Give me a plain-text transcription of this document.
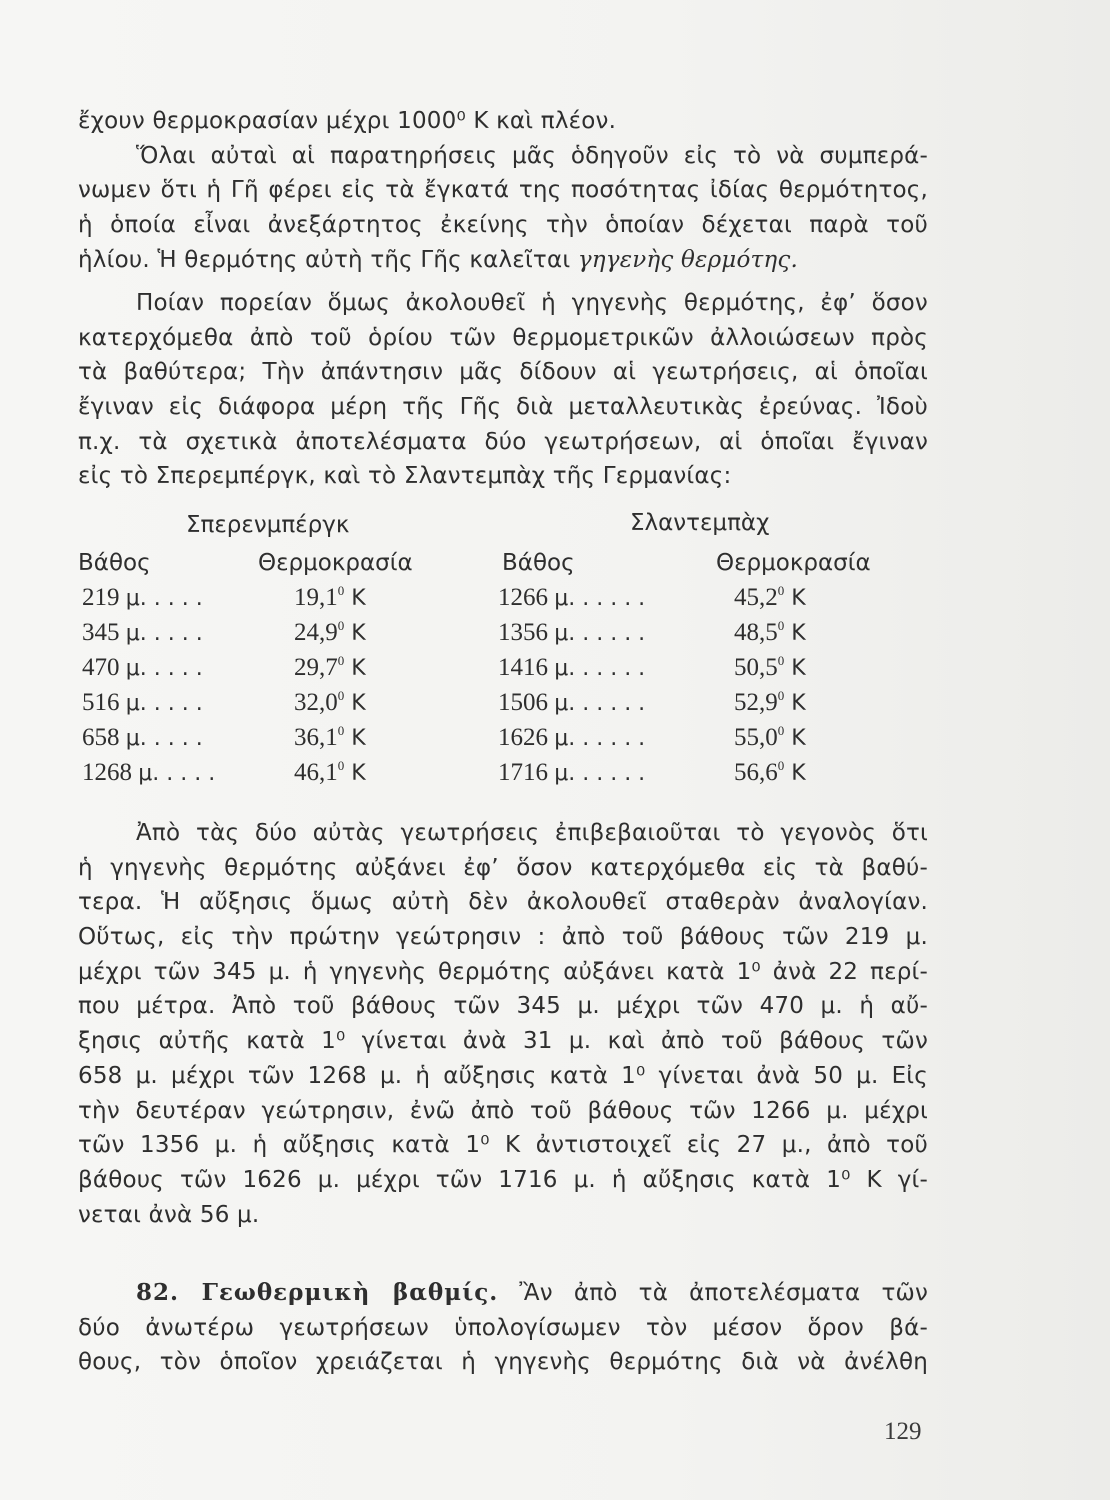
ἔχουν θερμοκρασίαν μέχρι 1000⁰ Κ καὶ πλέον.
Ὅλαι αὐταὶ αἱ παρατηρήσεις μᾶς ὁδηγοῦν εἰς τὸ νὰ συμπερά-
νωμεν ὅτι ἡ Γῆ φέρει εἰς τὰ ἔγκατά της ποσότητας ἰδίας θερμότητος,
ἡ ὁποία εἶναι ἀνεξάρτητος ἐκείνης τὴν ὁποίαν δέχεται παρὰ τοῦ
ἡλίου. Ἡ θερμότης αὐτὴ τῆς Γῆς καλεῖται γηγενὴς θερμότης.
Ποίαν πορείαν ὅμως ἀκολουθεῖ ἡ γηγενὴς θερμότης, ἐφ’ ὅσον
κατερχόμεθα ἀπὸ τοῦ ὁρίου τῶν θερμομετρικῶν ἀλλοιώσεων πρὸς
τὰ βαθύτερα; Τὴν ἀπάντησιν μᾶς δίδουν αἱ γεωτρήσεις, αἱ ὁποῖαι
ἔγιναν εἰς διάφορα μέρη τῆς Γῆς διὰ μεταλλευτικὰς ἐρεύνας. Ἰδοὺ
π.χ. τὰ σχετικὰ ἀποτελέσματα δύο γεωτρήσεων, αἱ ὁποῖαι ἔγιναν
εἰς τὸ Σπερεμπέργκ, καὶ τὸ Σλαντεμπὰχ τῆς Γερμανίας:
Σπερενμπέργκ	Σλαντεμπὰχ
Βάθος	Θερμοκρασία	Βάθος	Θερμοκρασία
219 μ. . . . .	19,1$^0$ Κ	1266 μ. . . . . .	45,2$^0$ Κ
345 μ. . . . .	24,9$^0$ Κ	1356 μ. . . . . .	48,5$^0$ Κ
470 μ. . . . .	29,7$^0$ Κ	1416 μ. . . . . .	50,5$^0$ Κ
516 μ. . . . .	32,0$^0$ Κ	1506 μ. . . . . .	52,9$^0$ Κ
658 μ. . . . .	36,1$^0$ Κ	1626 μ. . . . . .	55,0$^0$ Κ
1268 μ. . . . .	46,1$^0$ Κ	1716 μ. . . . . .	56,6$^0$ Κ
Ἀπὸ τὰς δύο αὐτὰς γεωτρήσεις ἐπιβεβαιοῦται τὸ γεγονὸς ὅτι
ἡ γηγενὴς θερμότης αὐξάνει ἐφ’ ὅσον κατερχόμεθα εἰς τὰ βαθύ-
τερα. Ἡ αὔξησις ὅμως αὐτὴ δὲν ἀκολουθεῖ σταθερὰν ἀναλογίαν.
Οὕτως, εἰς τὴν πρώτην γεώτρησιν : ἀπὸ τοῦ βάθους τῶν 219 μ.
μέχρι τῶν 345 μ. ἡ γηγενὴς θερμότης αὐξάνει κατὰ 1⁰ ἀνὰ 22 περί-
που μέτρα. Ἀπὸ τοῦ βάθους τῶν 345 μ. μέχρι τῶν 470 μ. ἡ αὔ-
ξησις αὐτῆς κατὰ 1⁰ γίνεται ἀνὰ 31 μ. καὶ ἀπὸ τοῦ βάθους τῶν
658 μ. μέχρι τῶν 1268 μ. ἡ αὔξησις κατὰ 1⁰ γίνεται ἀνὰ 50 μ. Εἰς
τὴν δευτέραν γεώτρησιν, ἐνῶ ἀπὸ τοῦ βάθους τῶν 1266 μ. μέχρι
τῶν 1356 μ. ἡ αὔξησις κατὰ 1⁰ Κ ἀντιστοιχεῖ εἰς 27 μ., ἀπὸ τοῦ
βάθους τῶν 1626 μ. μέχρι τῶν 1716 μ. ἡ αὔξησις κατὰ 1⁰ Κ γί-
νεται ἀνὰ 56 μ.
82. Γεωθερμικὴ βαθμίς. Ἂν ἀπὸ τὰ ἀποτελέσματα τῶν
δύο ἀνωτέρω γεωτρήσεων ὑπολογίσωμεν τὸν μέσον ὅρον βά-
θους, τὸν ὁποῖον χρειάζεται ἡ γηγενὴς θερμότης διὰ νὰ ἀνέλθη
129
